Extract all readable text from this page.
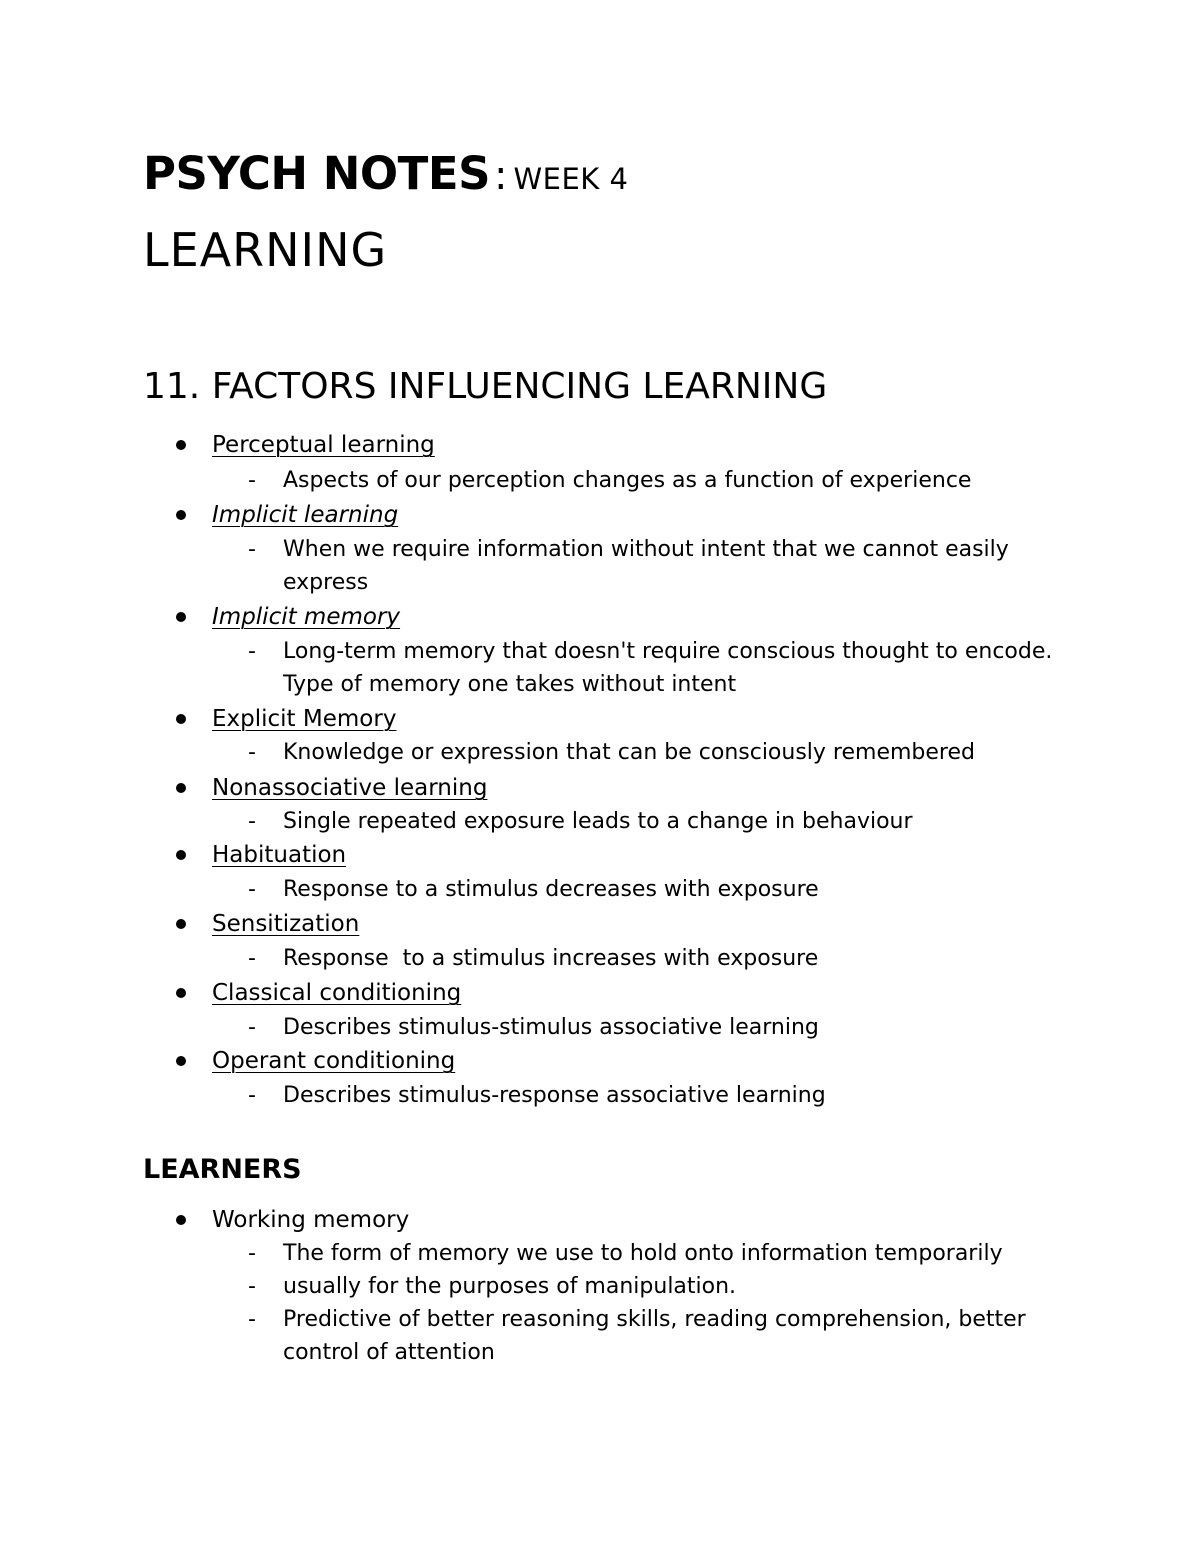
PSYCH NOTES : WEEK 4
LEARNING
11. FACTORS INFLUENCING LEARNING
Perceptual learning
- Aspects of our perception changes as a function of experience
Implicit learning
- When we require information without intent that we cannot easily express
Implicit memory
- Long-term memory that doesn't require conscious thought to encode. Type of memory one takes without intent
Explicit Memory
- Knowledge or expression that can be consciously remembered
Nonassociative learning
- Single repeated exposure leads to a change in behaviour
Habituation
- Response to a stimulus decreases with exposure
Sensitization
- Response  to a stimulus increases with exposure
Classical conditioning
- Describes stimulus-stimulus associative learning
Operant conditioning
- Describes stimulus-response associative learning
LEARNERS
Working memory
- The form of memory we use to hold onto information temporarily
- usually for the purposes of manipulation.
- Predictive of better reasoning skills, reading comprehension, better control of attention
